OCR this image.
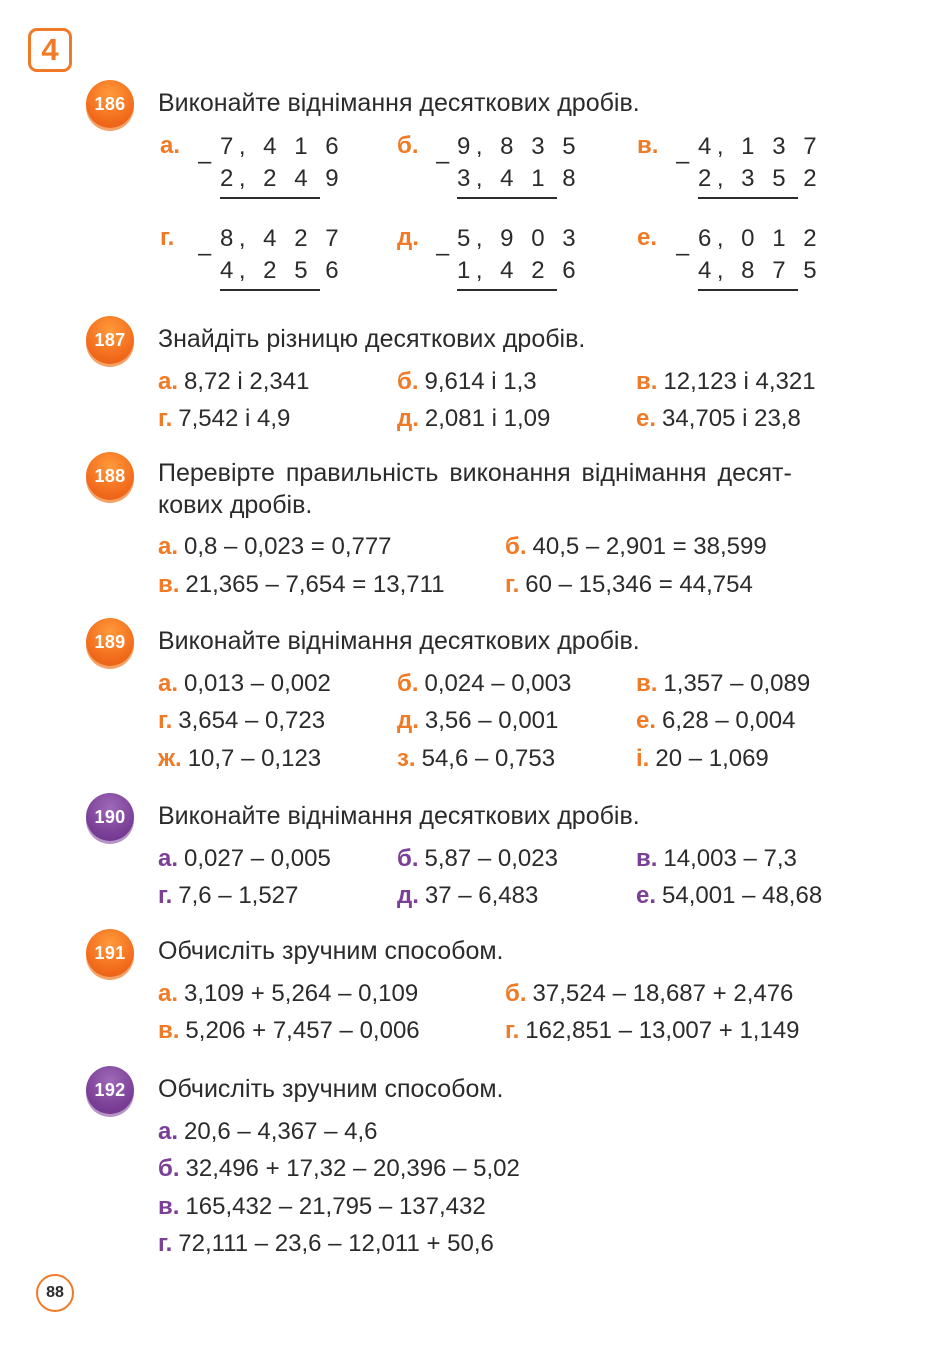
4
88
186	Виконайте віднімання десяткових дробів.
а.
–
7, 4 1 6
2, 2 4 9
б.
–
9, 8 3 5
3, 4 1 8
в.
–
4, 1 3 7
2, 3 5 2
г.
–
8, 4 2 7
4, 2 5 6
д.
–
5, 9 0 3
1, 4 2 6
е.
–
6, 0 1 2
4, 8 7 5
187	Знайдіть різницю десяткових дробів.
а. 8,72 і 2,341	б. 9,614 і 1,3	в. 12,123 і 4,321
г. 7,542 і 4,9	д. 2,081 і 1,09	е. 34,705 і 23,8
188	Перевірте правильність виконання віднімання десят-
кових дробів.
а. 0,8 – 0,023 = 0,777	б. 40,5 – 2,901 = 38,599
в. 21,365 – 7,654 = 13,711	г. 60 – 15,346 = 44,754
189	Виконайте віднімання десяткових дробів.
а. 0,013 – 0,002	б. 0,024 – 0,003	в. 1,357 – 0,089
г. 3,654 – 0,723	д. 3,56 – 0,001	е. 6,28 – 0,004
ж. 10,7 – 0,123	з. 54,6 – 0,753	і. 20 – 1,069
190	Виконайте віднімання десяткових дробів.
а. 0,027 – 0,005	б. 5,87 – 0,023	в. 14,003 – 7,3
г. 7,6 – 1,527	д. 37 – 6,483	е. 54,001 – 48,68
191	Обчисліть зручним способом.
а. 3,109 + 5,264 – 0,109	б. 37,524 – 18,687 + 2,476
в. 5,206 + 7,457 – 0,006	г. 162,851 – 13,007 + 1,149
192	Обчисліть зручним способом.
а. 20,6 – 4,367 – 4,6
б. 32,496 + 17,32 – 20,396 – 5,02
в. 165,432 – 21,795 – 137,432
г. 72,111 – 23,6 – 12,011 + 50,6
